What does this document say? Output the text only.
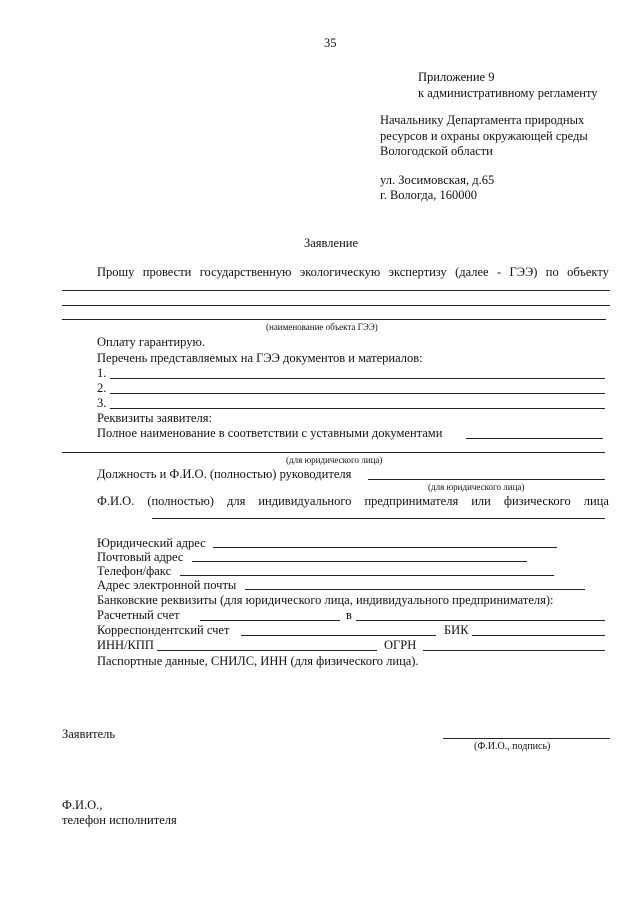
35
Приложение 9
к административному регламенту
Начальнику Департамента природных
ресурсов и охраны окружающей среды
Вологодской области
ул. Зосимовская, д.65
г. Вологда, 160000
Заявление
Прошу провести государственную экологическую экспертизу (далее - ГЭЭ) по объекту
(наименование объекта ГЭЭ)
Оплату гарантирую.
Перечень представляемых на ГЭЭ документов и материалов:
1.
2.
3.
Реквизиты заявителя:
Полное наименование в соответствии с уставными документами
(для юридического лица)
Должность и Ф.И.О. (полностью) руководителя
(для юридического лица)
Ф.И.О. (полностью) для индивидуального предпринимателя или физического лица
Юридический адрес
Почтовый адрес
Телефон/факс
Адрес электронной почты
Банковские реквизиты (для юридического лица, индивидуального предпринимателя):
Расчетный счет	в
Корреспондентский счет	БИК
ИНН/КПП	ОГРН
Паспортные данные, СНИЛС, ИНН (для физического лица).
Заявитель
(Ф.И.О., подпись)
Ф.И.О.,
телефон исполнителя
